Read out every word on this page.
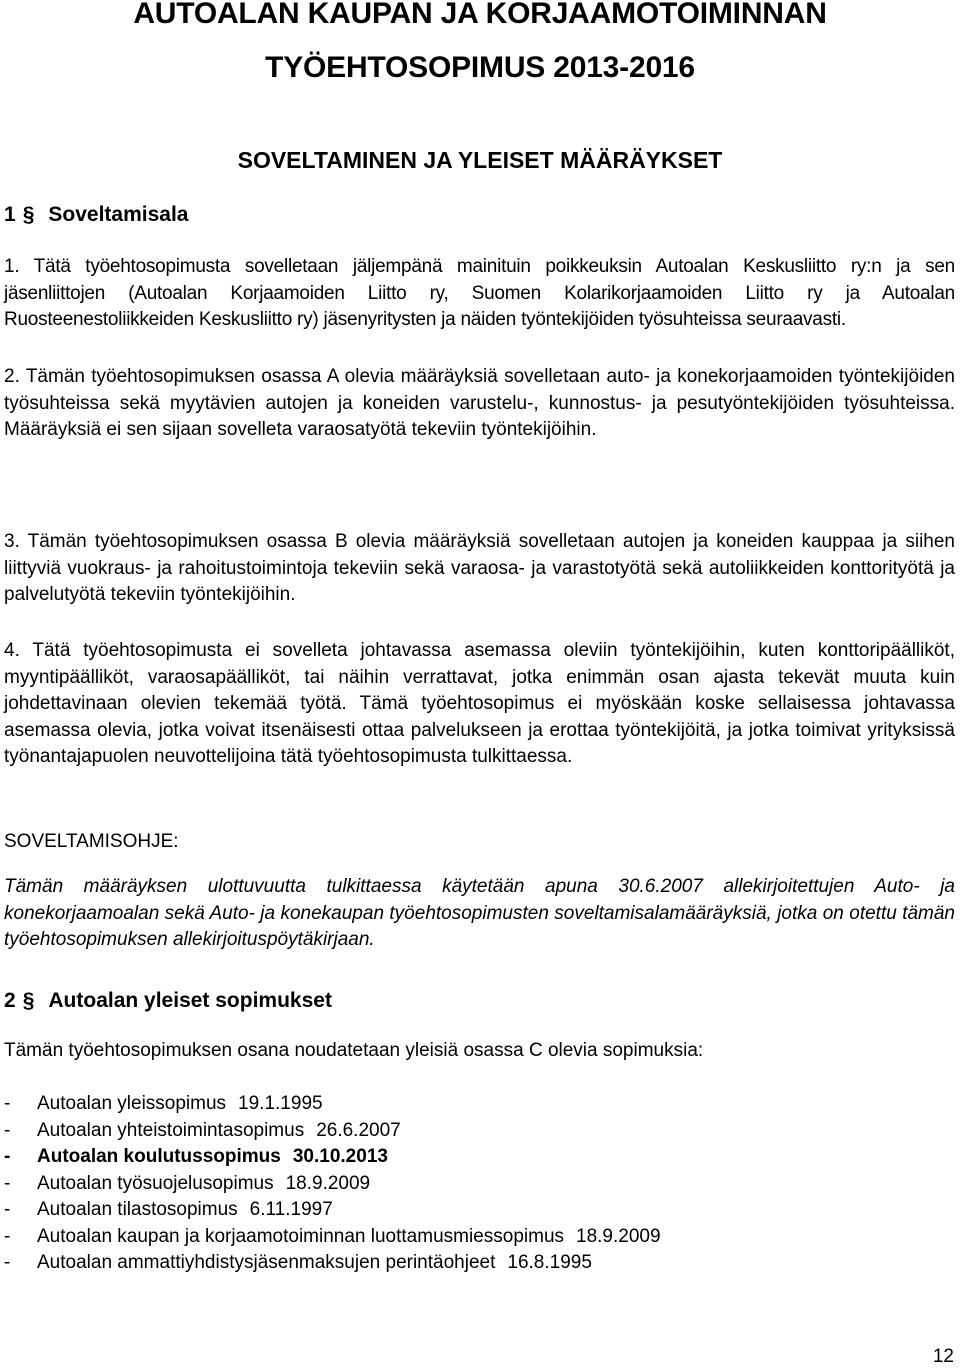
AUTOALAN KAUPAN JA KORJAAMOTOIMINNAN
TYÖEHTOSOPIMUS 2013-2016
SOVELTAMINEN JA YLEISET MÄÄRÄYKSET
1 § Soveltamisala

1. Tätä työehtosopimusta sovelletaan jäljempänä mainituin poikkeuksin Autoalan Keskusliitto ry:n ja sen jäsenliittojen (Autoalan Korjaamoiden Liitto ry, Suomen Kolarikorjaamoiden Liitto ry ja Autoalan Ruosteenestoliikkeiden Keskusliitto ry) jäsenyritysten ja näiden työntekijöiden työsuhteissa seuraavasti.

2. Tämän työehtosopimuksen osassa A olevia määräyksiä sovelletaan auto- ja konekorjaamoiden työntekijöiden työsuhteissa sekä myytävien autojen ja koneiden varustelu-, kunnostus- ja pesutyöntekijöiden työsuhteissa. Määräyksiä ei sen sijaan sovelleta varaosatyötä tekeviin työntekijöihin.

3. Tämän työehtosopimuksen osassa B olevia määräyksiä sovelletaan autojen ja koneiden kauppaa ja siihen liittyviä vuokraus- ja rahoitustoimintoja tekeviin sekä varaosa- ja varastotyötä sekä autoliikkeiden konttorityötä ja palvelutyötä tekeviin työntekijöihin.

4. Tätä työehtosopimusta ei sovelleta johtavassa asemassa oleviin työntekijöihin, kuten konttoripäälliköt, myyntipäälliköt, varaosapäälliköt, tai näihin verrattavat, jotka enimmän osan ajasta tekevät muuta kuin johdettavinaan olevien tekemää työtä. Tämä työehtosopimus ei myöskään koske sellaisessa johtavassa asemassa olevia, jotka voivat itsenäisesti ottaa palvelukseen ja erottaa työntekijöitä, ja jotka toimivat yrityksissä työnantajapuolen neuvottelijoina tätä työehtosopimusta tulkittaessa.

SOVELTAMISOHJE:

Tämän määräyksen ulottuvuutta tulkittaessa käytetään apuna 30.6.2007 allekirjoitettujen Auto- ja konekorjaamoalan sekä Auto- ja konekaupan työehtosopimusten soveltamisalamääräyksiä, jotka on otettu tämän työehtosopimuksen allekirjoituspöytäkirjaan.

2 § Autoalan yleiset sopimukset

Tämän työehtosopimuksen osana noudatetaan yleisiä osassa C olevia sopimuksia:

- Autoalan yleissopimus 19.1.1995
- Autoalan yhteistoimintasopimus 26.6.2007
- Autoalan koulutussopimus 30.10.2013
- Autoalan työsuojelusopimus 18.9.2009
- Autoalan tilastosopimus 6.11.1997
- Autoalan kaupan ja korjaamotoiminnan luottamusmiessopimus 18.9.2009
- Autoalan ammattiyhdistysjäsenmaksujen perintäohjeet 16.8.1995
12
